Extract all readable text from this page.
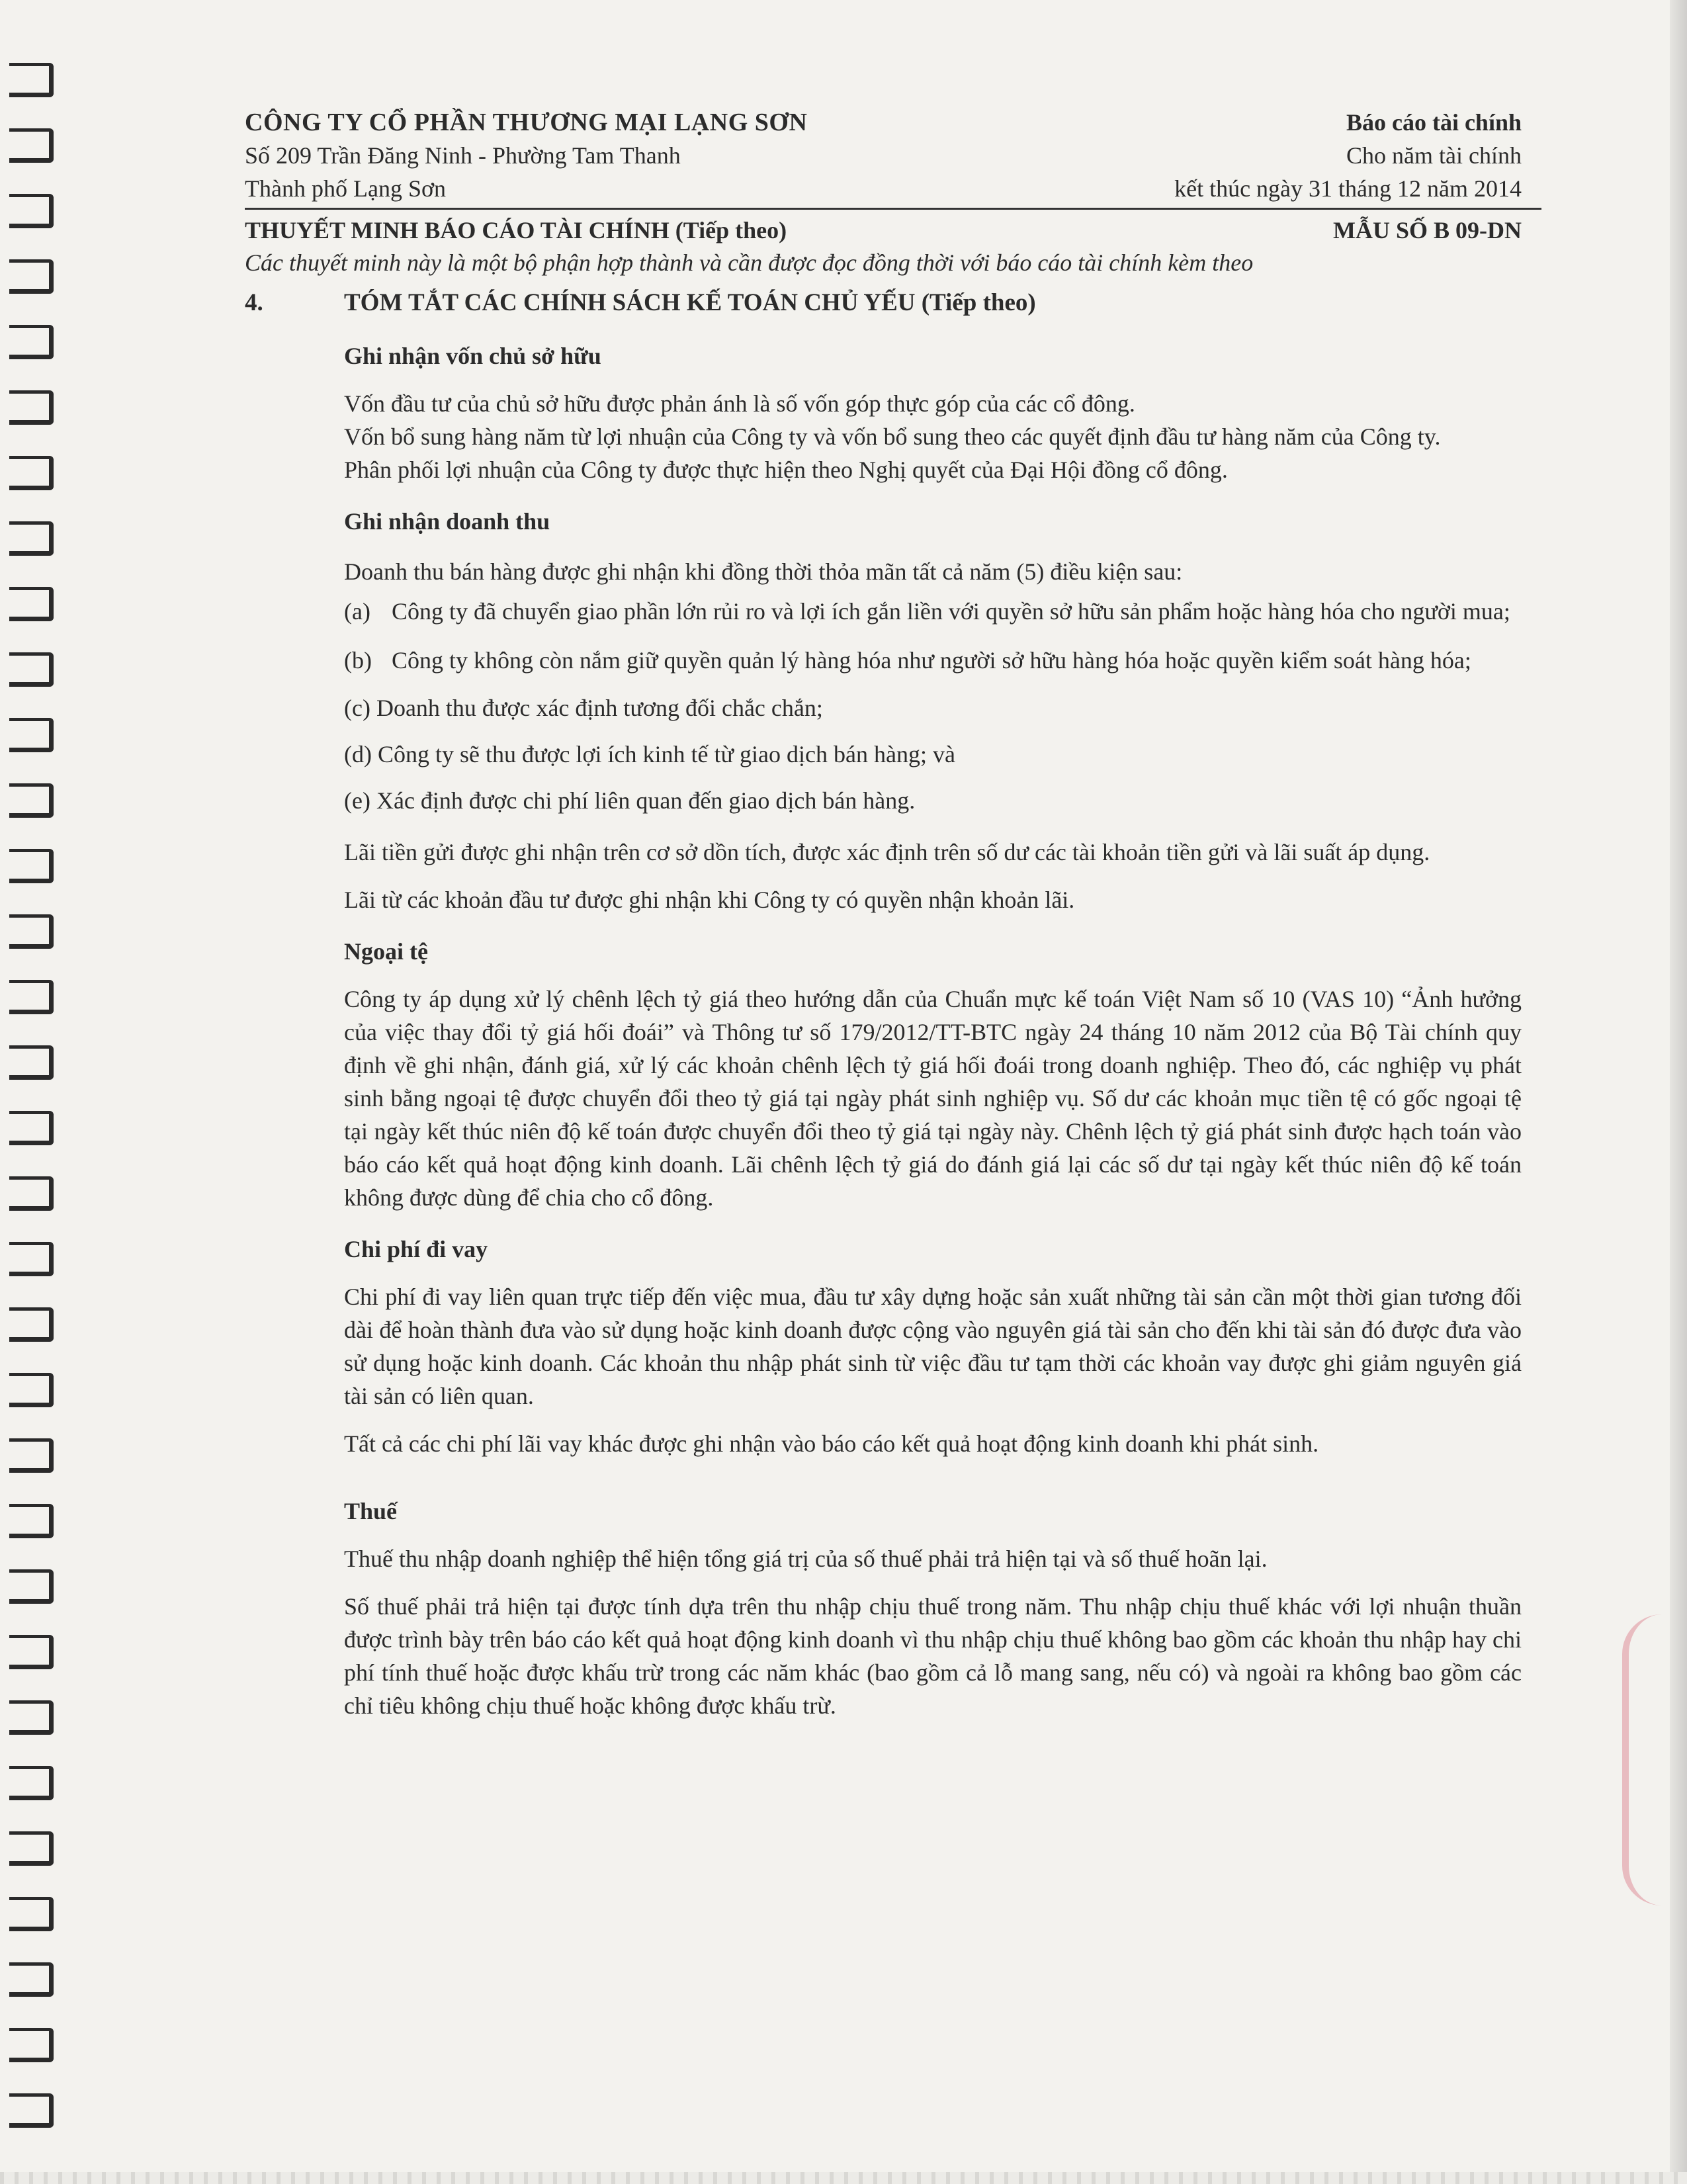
CÔNG TY CỔ PHẦN THƯƠNG MẠI LẠNG SƠN
Số 209 Trần Đăng Ninh - Phường Tam Thanh
Thành phố Lạng Sơn
Báo cáo tài chính
Cho năm tài chính
kết thúc ngày 31 tháng 12 năm 2014
THUYẾT MINH BÁO CÁO TÀI CHÍNH (Tiếp theo)	MẪU SỐ B 09-DN
Các thuyết minh này là một bộ phận hợp thành và cần được đọc đồng thời với báo cáo tài chính kèm theo
4.	TÓM TẮT CÁC CHÍNH SÁCH KẾ TOÁN CHỦ YẾU (Tiếp theo)
Ghi nhận vốn chủ sở hữu

Vốn đầu tư của chủ sở hữu được phản ánh là số vốn góp thực góp của các cổ đông.

Vốn bổ sung hàng năm từ lợi nhuận của Công ty và vốn bổ sung theo các quyết định đầu tư hàng năm của Công ty.

Phân phối lợi nhuận của Công ty được thực hiện theo Nghị quyết của Đại Hội đồng cổ đông.

Ghi nhận doanh thu

Doanh thu bán hàng được ghi nhận khi đồng thời thỏa mãn tất cả năm (5) điều kiện sau:

(a) Công ty đã chuyển giao phần lớn rủi ro và lợi ích gắn liền với quyền sở hữu sản phẩm hoặc hàng hóa cho người mua;
(b) Công ty không còn nắm giữ quyền quản lý hàng hóa như người sở hữu hàng hóa hoặc quyền kiểm soát hàng hóa;
(c) Doanh thu được xác định tương đối chắc chắn;
(d) Công ty sẽ thu được lợi ích kinh tế từ giao dịch bán hàng; và
(e) Xác định được chi phí liên quan đến giao dịch bán hàng.

Lãi tiền gửi được ghi nhận trên cơ sở dồn tích, được xác định trên số dư các tài khoản tiền gửi và lãi suất áp dụng.

Lãi từ các khoản đầu tư được ghi nhận khi Công ty có quyền nhận khoản lãi.

Ngoại tệ

Công ty áp dụng xử lý chênh lệch tỷ giá theo hướng dẫn của Chuẩn mực kế toán Việt Nam số 10 (VAS 10) “Ảnh hưởng của việc thay đổi tỷ giá hối đoái” và Thông tư số 179/2012/TT-BTC ngày 24 tháng 10 năm 2012 của Bộ Tài chính quy định về ghi nhận, đánh giá, xử lý các khoản chênh lệch tỷ giá hối đoái trong doanh nghiệp. Theo đó, các nghiệp vụ phát sinh bằng ngoại tệ được chuyển đổi theo tỷ giá tại ngày phát sinh nghiệp vụ. Số dư các khoản mục tiền tệ có gốc ngoại tệ tại ngày kết thúc niên độ kế toán được chuyển đổi theo tỷ giá tại ngày này. Chênh lệch tỷ giá phát sinh được hạch toán vào báo cáo kết quả hoạt động kinh doanh. Lãi chênh lệch tỷ giá do đánh giá lại các số dư tại ngày kết thúc niên độ kế toán không được dùng để chia cho cổ đông.

Chi phí đi vay

Chi phí đi vay liên quan trực tiếp đến việc mua, đầu tư xây dựng hoặc sản xuất những tài sản cần một thời gian tương đối dài để hoàn thành đưa vào sử dụng hoặc kinh doanh được cộng vào nguyên giá tài sản cho đến khi tài sản đó được đưa vào sử dụng hoặc kinh doanh. Các khoản thu nhập phát sinh từ việc đầu tư tạm thời các khoản vay được ghi giảm nguyên giá tài sản có liên quan.

Tất cả các chi phí lãi vay khác được ghi nhận vào báo cáo kết quả hoạt động kinh doanh khi phát sinh.

Thuế

Thuế thu nhập doanh nghiệp thể hiện tổng giá trị của số thuế phải trả hiện tại và số thuế hoãn lại.

Số thuế phải trả hiện tại được tính dựa trên thu nhập chịu thuế trong năm. Thu nhập chịu thuế khác với lợi nhuận thuần được trình bày trên báo cáo kết quả hoạt động kinh doanh vì thu nhập chịu thuế không bao gồm các khoản thu nhập hay chi phí tính thuế hoặc được khấu trừ trong các năm khác (bao gồm cả lỗ mang sang, nếu có) và ngoài ra không bao gồm các chỉ tiêu không chịu thuế hoặc không được khấu trừ.
